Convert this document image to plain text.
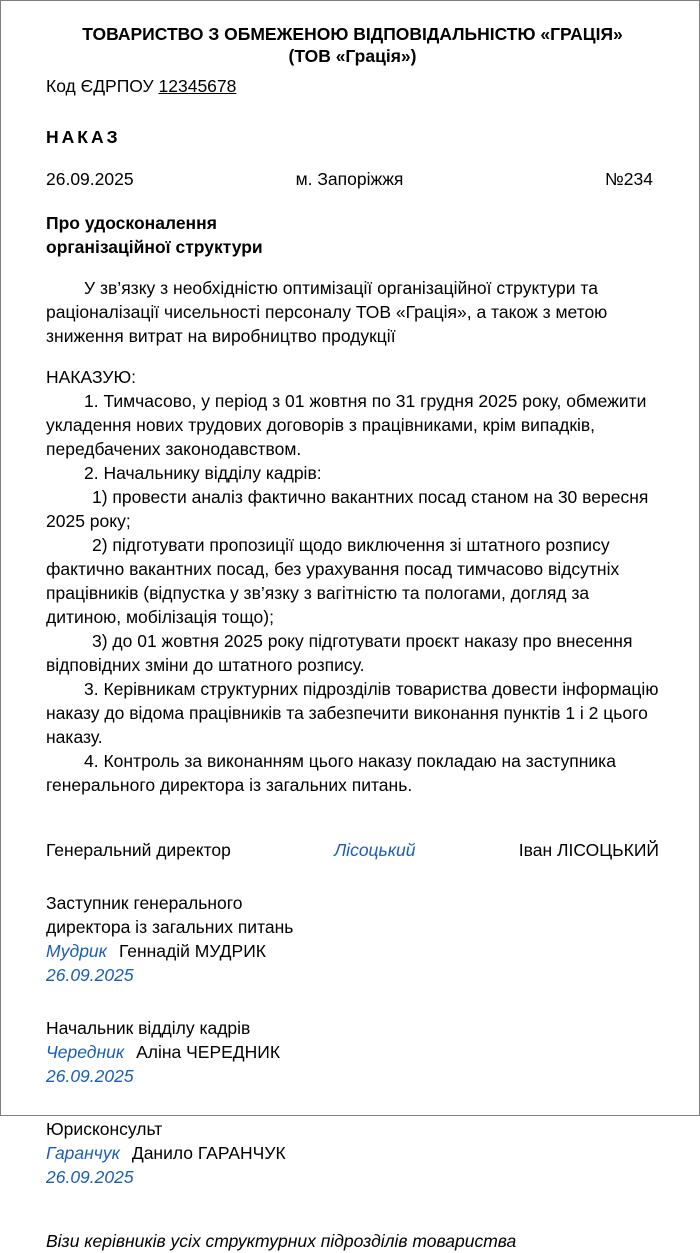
ТОВАРИСТВО З ОБМЕЖЕНОЮ ВІДПОВІДАЛЬНІСТЮ «ГРАЦІЯ»
(ТОВ «Грація»)
Код ЄДРПОУ 12345678
НАКАЗ
26.09.2025	м. Запоріжжя	№234
Про удосконалення
організаційної структури

У зв’язку з необхідністю оптимізації організаційної структури та раціоналізації чисельності персоналу ТОВ «Грація», а також з метою зниження витрат на виробництво продукції

НАКАЗУЮ:

1. Тимчасово, у період з 01 жовтня по 31 грудня 2025 року, обмежити укладення нових трудових договорів з працівниками, крім випадків, передбачених законодавством.

2. Начальнику відділу кадрів:

1) провести аналіз фактично вакантних посад станом на 30 вересня 2025 року;

2) підготувати пропозиції щодо виключення зі штатного розпису фактично вакантних посад, без урахування посад тимчасово відсутніх працівників (відпустка у зв’язку з вагітністю та пологами, догляд за дитиною, мобілізація тощо);

3) до 01 жовтня 2025 року підготувати проєкт наказу про внесення відповідних зміни до штатного розпису.

3. Керівникам структурних підрозділів товариства довести інформацію наказу до відома працівників та забезпечити виконання пунктів 1 і 2 цього наказу.

4. Контроль за виконанням цього наказу покладаю на заступника генерального директора із загальних питань.

Генеральний директор	Лісоцький	Іван ЛІСОЦЬКИЙ
Заступник генерального
директора із загальних питань
Мудрик Геннадій МУДРИК
26.09.2025
Начальник відділу кадрів
Чередник Аліна ЧЕРЕДНИК
26.09.2025
Юрисконсульт
Гаранчук Данило ГАРАНЧУК
26.09.2025
Візи керівників усіх структурних підрозділів товариства
